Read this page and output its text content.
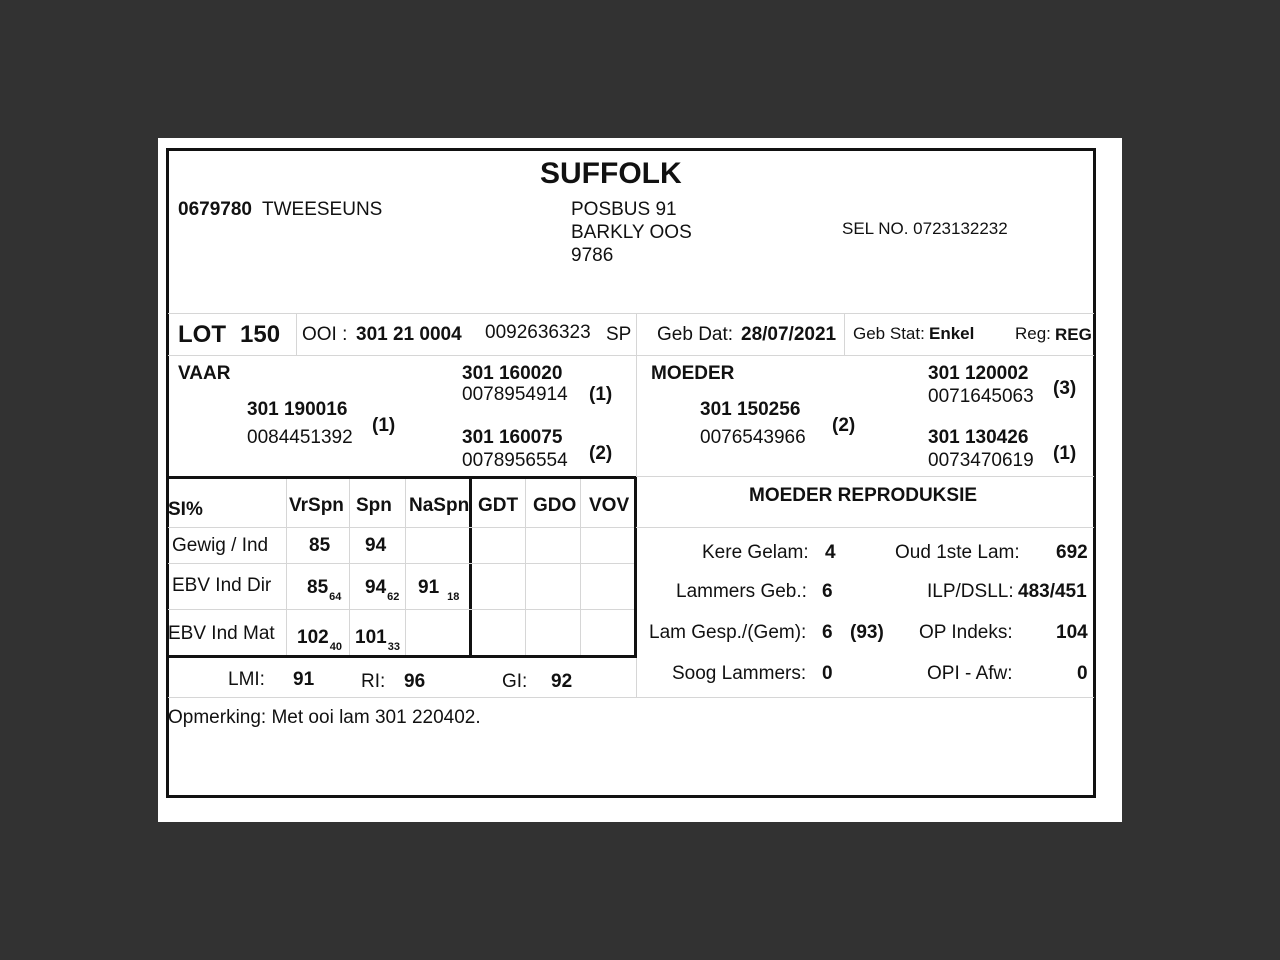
SUFFOLK
0679780 TWEESEUNS	POSBUS 91
BARKLY OOS
9786
SEL NO. 0723132232
LOT 150 OOI : 301 21 0004 0092636323 SP Geb Dat: 28/07/2021 Geb Stat: Enkel Reg: REG
VAAR
301 190016
0084451392
(1)
301 160020
0078954914 (1)
301 160075
0078956554 (2)
MOEDER
301 150256
0076543966
(2)
301 120002
0071645063 (3)
301 130426
0073470619 (1)
SI%	VrSpn Spn NaSpn GDT GDO VOV
Gewig / Ind 85 94
EBV Ind Dir $85_{64}$ $94_{62}$ 91 $_{18}$
EBV Ind Mat $102_{40}$ $101_{33}$
LMI: 91 RI: 96	GI: 92
MOEDER REPRODUKSIE
Kere Gelam: 4	Oud 1ste Lam: 692
Lammers Geb.: 6	ILP/DSLL: 483/451
Lam Gesp./(Gem): 6 (93) OP Indeks: 104
Soog Lammers: 0	OPI - Afw:	0
Opmerking: Met ooi lam 301 220402.
